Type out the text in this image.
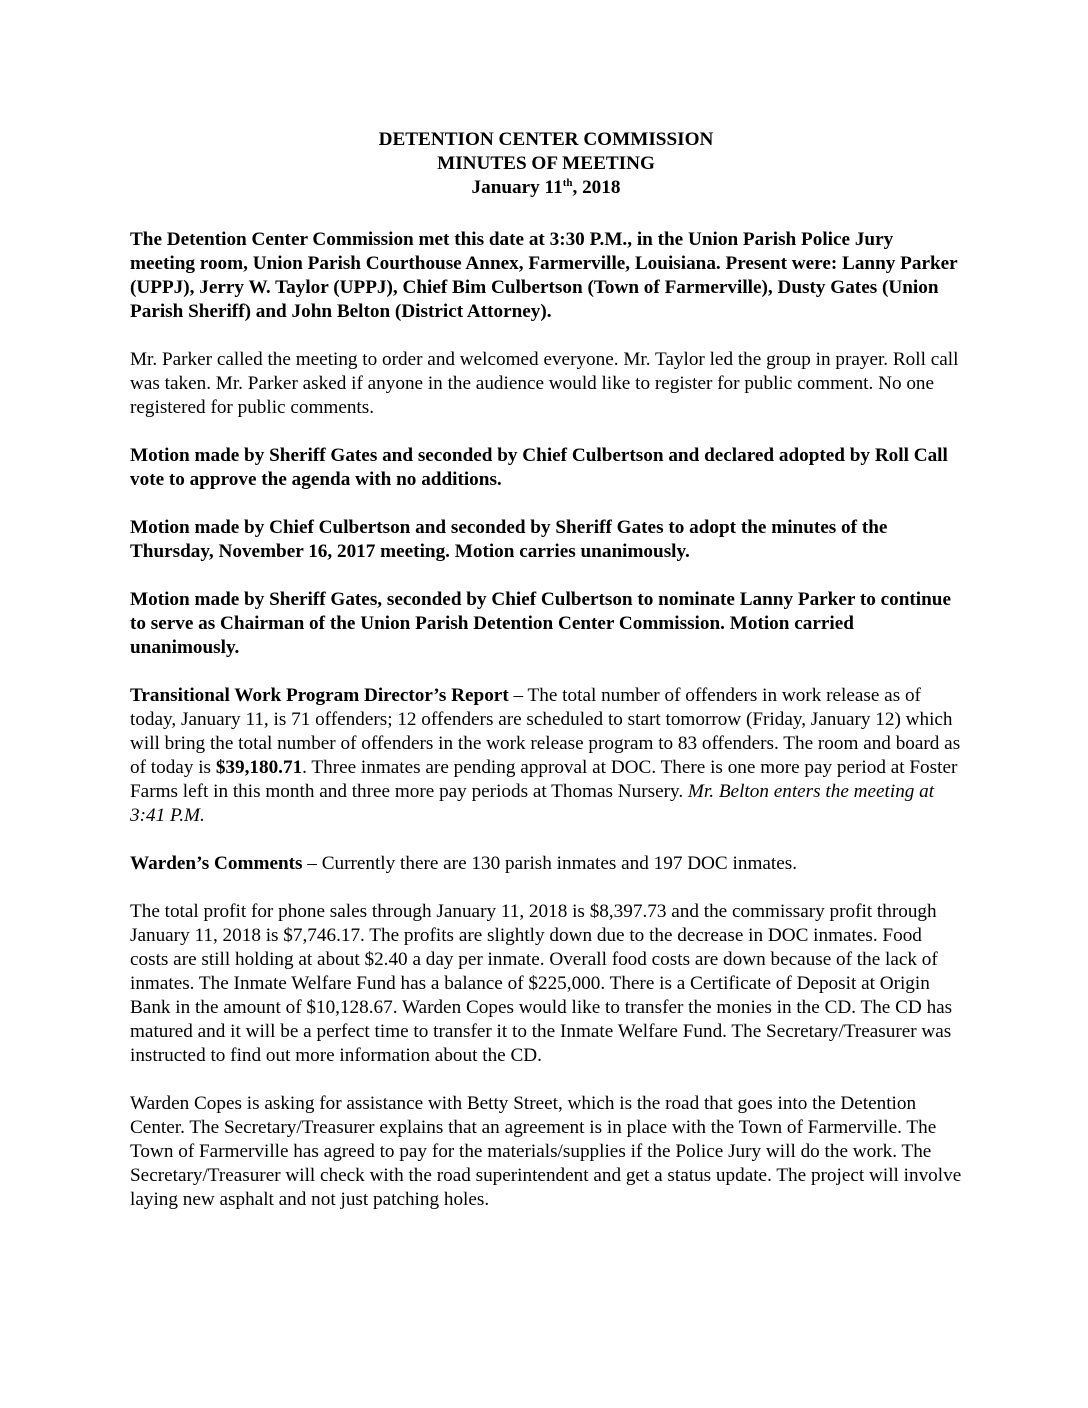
DETENTION CENTER COMMISSION
MINUTES OF MEETING
January 11th, 2018

The Detention Center Commission met this date at 3:30 P.M., in the Union Parish Police Jury meeting room, Union Parish Courthouse Annex, Farmerville, Louisiana. Present were: Lanny Parker (UPPJ), Jerry W. Taylor (UPPJ), Chief Bim Culbertson (Town of Farmerville), Dusty Gates (Union Parish Sheriff) and John Belton (District Attorney).

Mr. Parker called the meeting to order and welcomed everyone. Mr. Taylor led the group in prayer. Roll call was taken. Mr. Parker asked if anyone in the audience would like to register for public comment. No one registered for public comments.

Motion made by Sheriff Gates and seconded by Chief Culbertson and declared adopted by Roll Call vote to approve the agenda with no additions.

Motion made by Chief Culbertson and seconded by Sheriff Gates to adopt the minutes of the Thursday, November 16, 2017 meeting. Motion carries unanimously.

Motion made by Sheriff Gates, seconded by Chief Culbertson to nominate Lanny Parker to continue to serve as Chairman of the Union Parish Detention Center Commission. Motion carried unanimously.

Transitional Work Program Director’s Report – The total number of offenders in work release as of today, January 11, is 71 offenders; 12 offenders are scheduled to start tomorrow (Friday, January 12) which will bring the total number of offenders in the work release program to 83 offenders. The room and board as of today is $39,180.71. Three inmates are pending approval at DOC. There is one more pay period at Foster Farms left in this month and three more pay periods at Thomas Nursery. Mr. Belton enters the meeting at 3:41 P.M.

Warden’s Comments – Currently there are 130 parish inmates and 197 DOC inmates.

The total profit for phone sales through January 11, 2018 is $8,397.73 and the commissary profit through January 11, 2018 is $7,746.17. The profits are slightly down due to the decrease in DOC inmates. Food costs are still holding at about $2.40 a day per inmate. Overall food costs are down because of the lack of inmates. The Inmate Welfare Fund has a balance of $225,000. There is a Certificate of Deposit at Origin Bank in the amount of $10,128.67. Warden Copes would like to transfer the monies in the CD. The CD has matured and it will be a perfect time to transfer it to the Inmate Welfare Fund. The Secretary/Treasurer was instructed to find out more information about the CD.

Warden Copes is asking for assistance with Betty Street, which is the road that goes into the Detention Center. The Secretary/Treasurer explains that an agreement is in place with the Town of Farmerville. The Town of Farmerville has agreed to pay for the materials/supplies if the Police Jury will do the work. The Secretary/Treasurer will check with the road superintendent and get a status update. The project will involve laying new asphalt and not just patching holes.
